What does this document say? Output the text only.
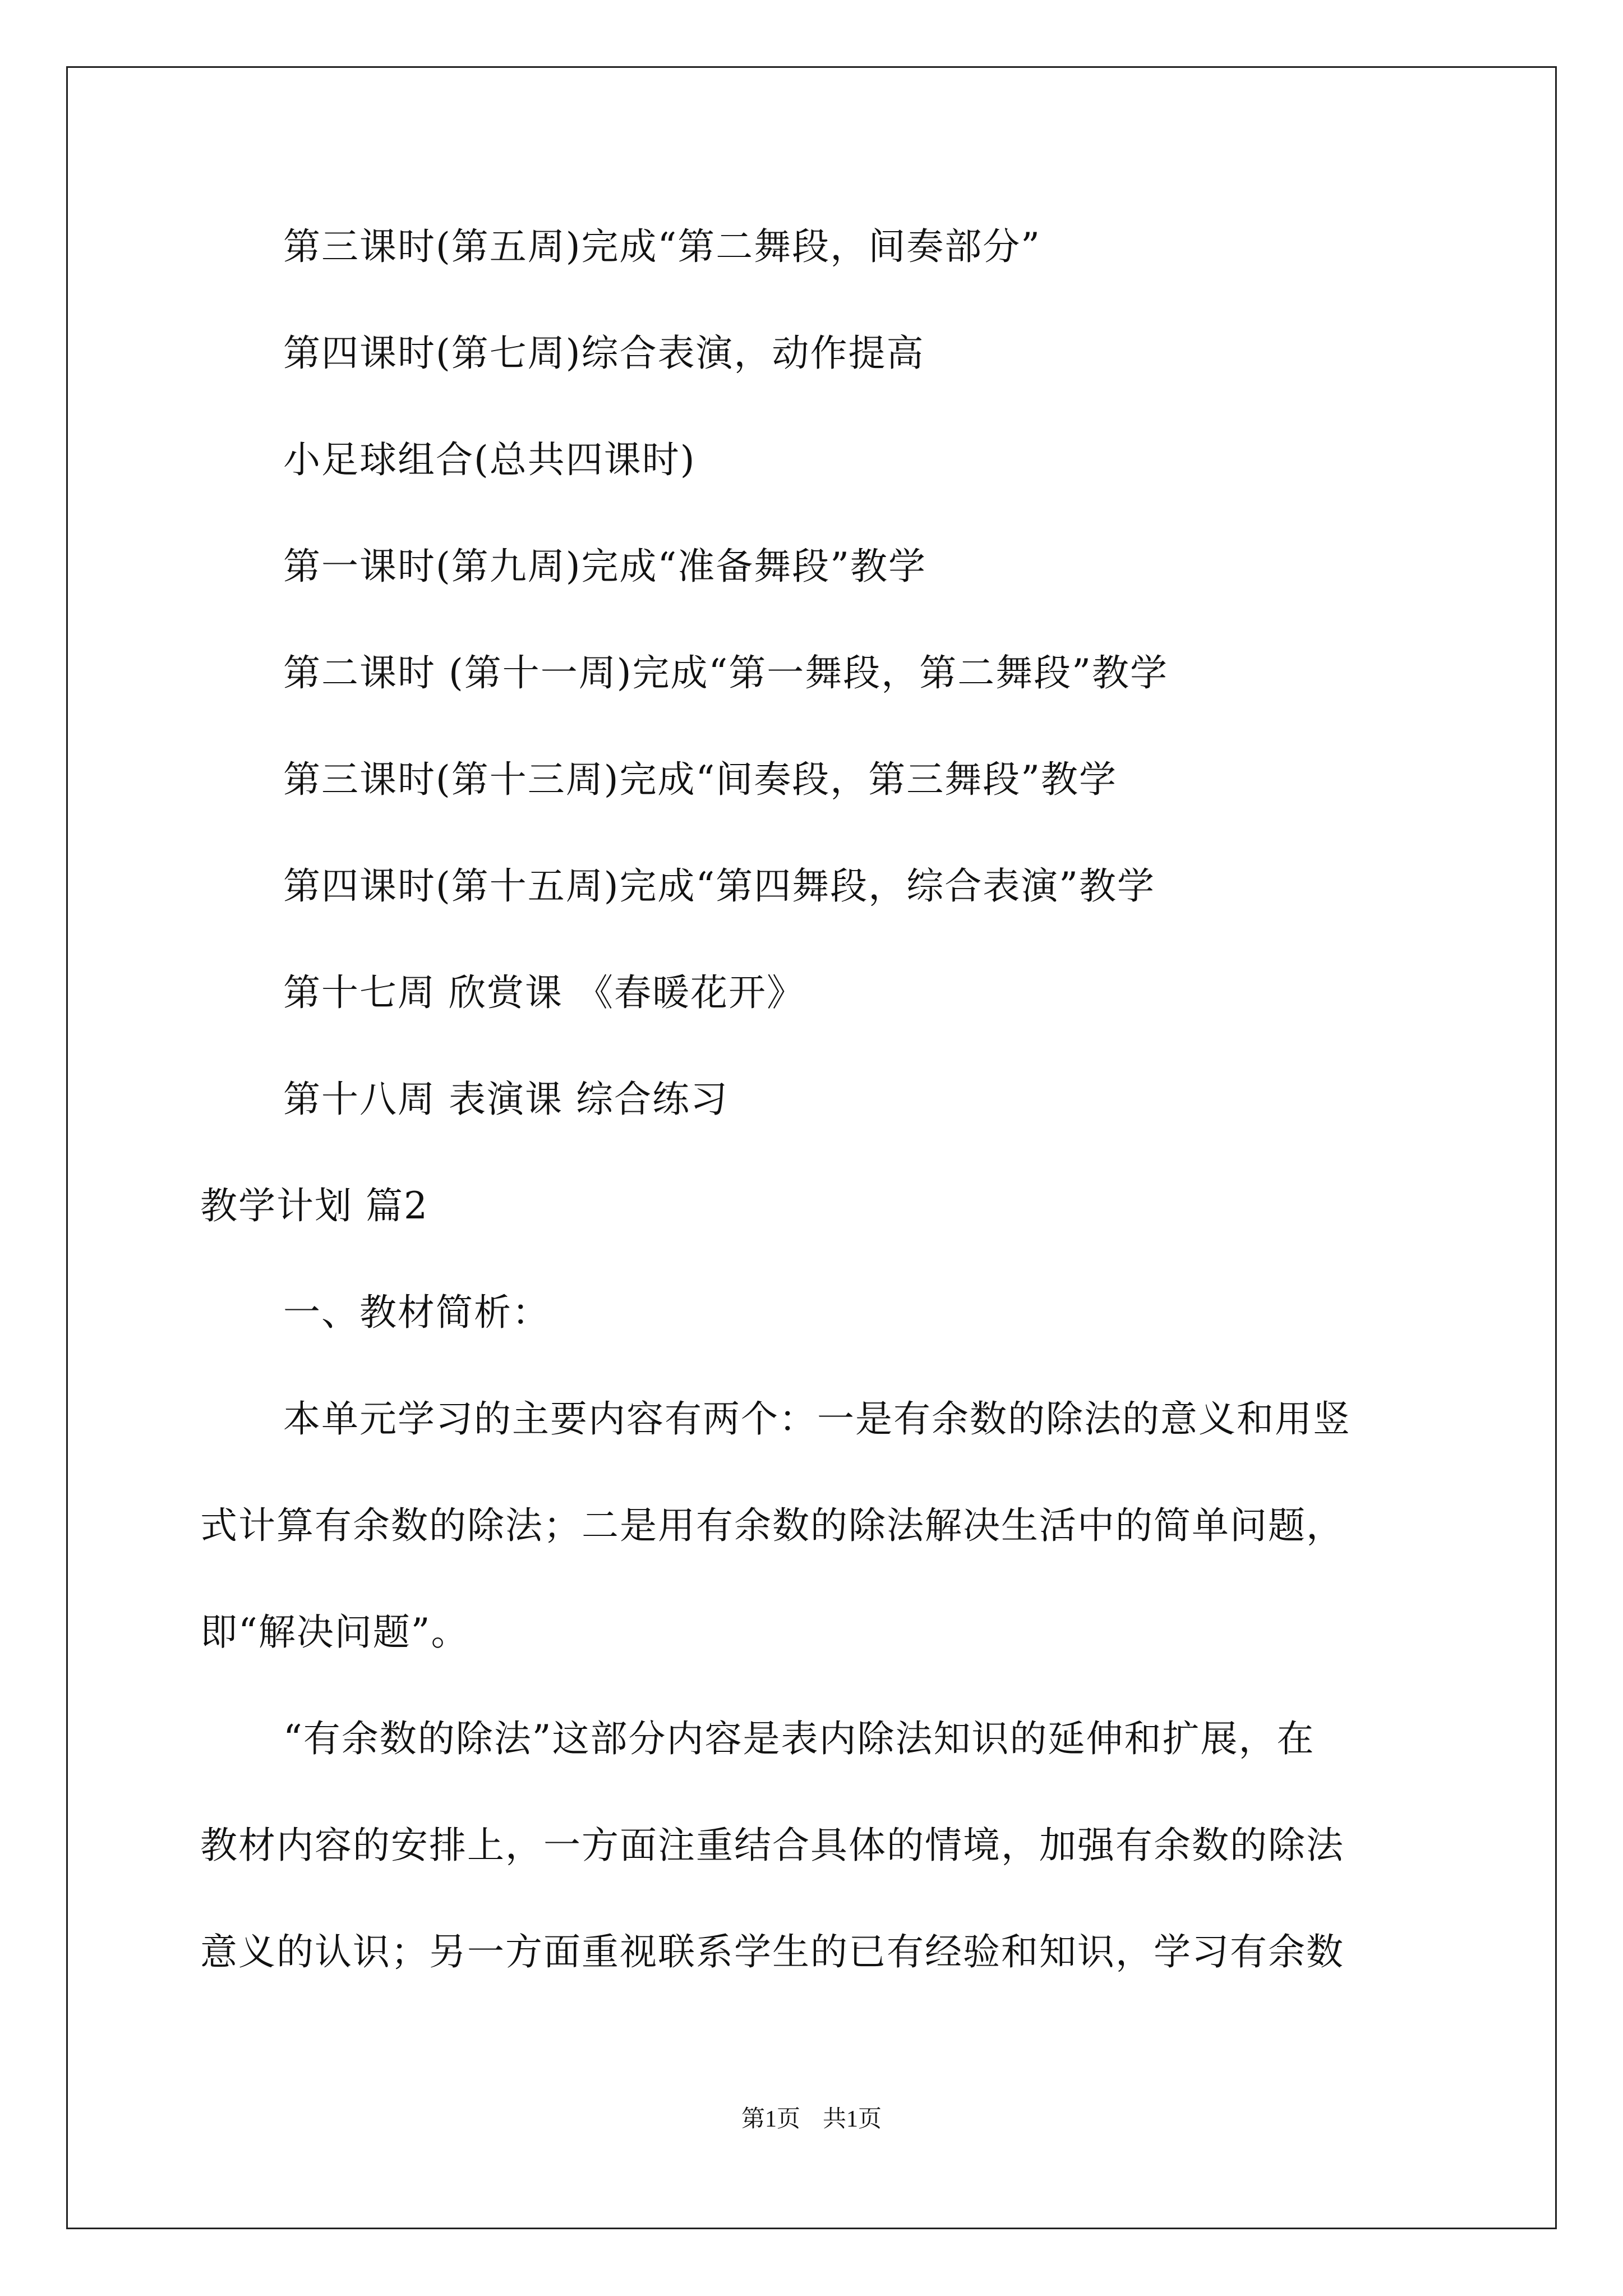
第三课时(第五周)完成“第二舞段，间奏部分”
第四课时(第七周)综合表演，动作提高
小足球组合(总共四课时)
第一课时(第九周)完成“准备舞段”教学
第二课时 (第十一周)完成“第一舞段，第二舞段”教学
第三课时(第十三周)完成“间奏段，第三舞段”教学
第四课时(第十五周)完成“第四舞段，综合表演”教学
第十七周 欣赏课 《春暖花开》
第十八周 表演课 综合练习
教学计划 篇2
一、教材简析：
本单元学习的主要内容有两个：一是有余数的除法的意义和用竖
式计算有余数的除法；二是用有余数的除法解决生活中的简单问题，
即“解决问题”。
“有余数的除法”这部分内容是表内除法知识的延伸和扩展，在
教材内容的安排上，一方面注重结合具体的情境，加强有余数的除法
意义的认识；另一方面重视联系学生的已有经验和知识，学习有余数
第1页 共1页
